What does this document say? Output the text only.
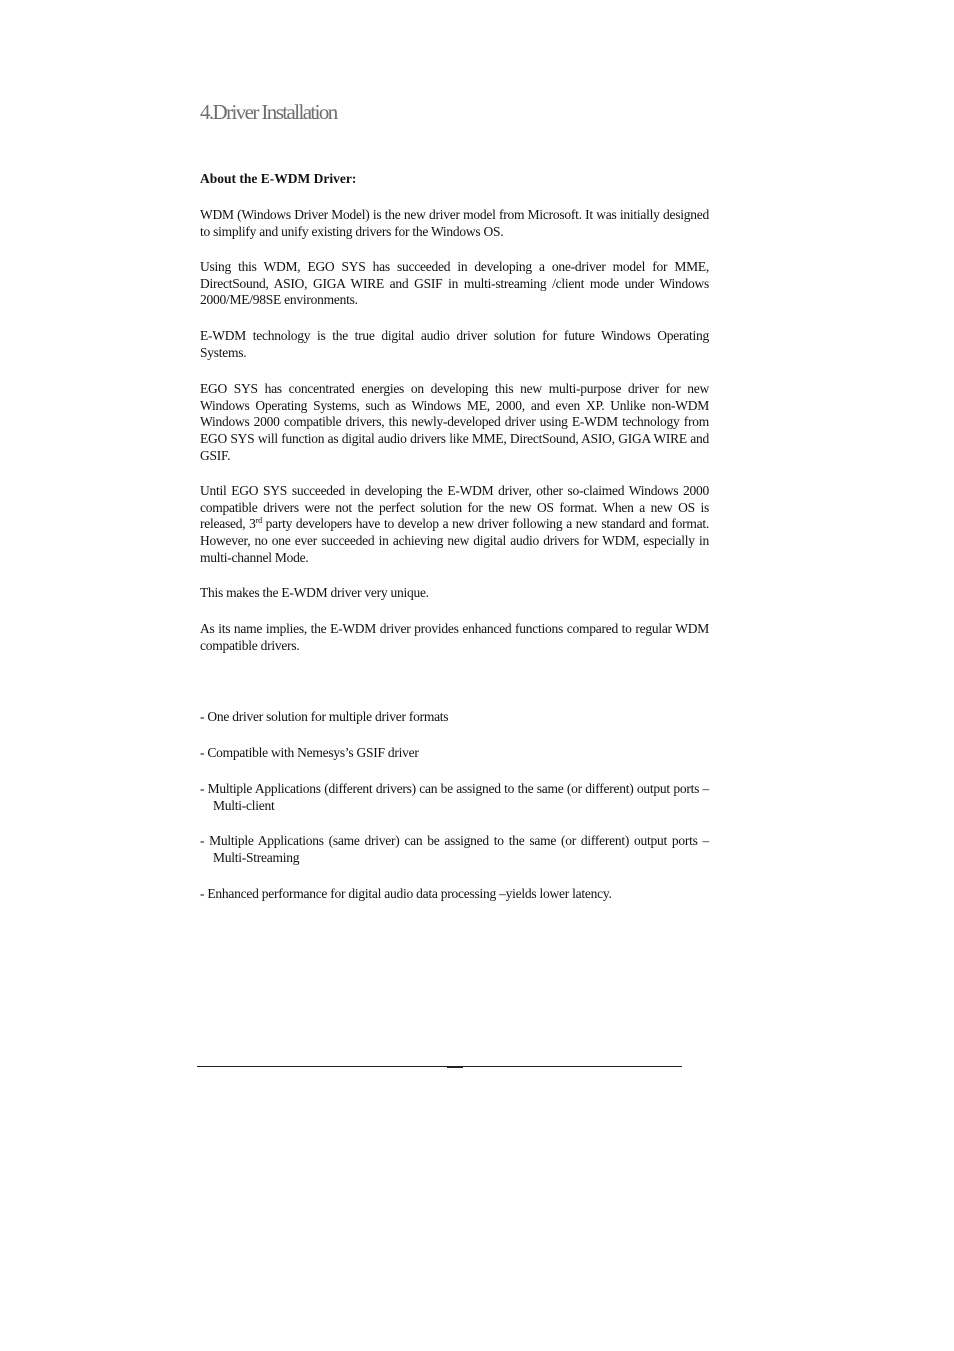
4.Driver Installation
About the E-WDM Driver:
WDM (Windows Driver Model) is the new driver model from Microsoft. It was initially designed to simplify and unify existing drivers for the Windows OS.
Using this WDM, EGO SYS has succeeded in developing a one-driver model for MME, DirectSound, ASIO, GIGA WIRE and GSIF in multi-streaming /client mode under Windows 2000/ME/98SE environments.
E-WDM technology is the true digital audio driver solution for future Windows Operating Systems.
EGO SYS has concentrated energies on developing this new multi-purpose driver for new Windows Operating Systems, such as Windows ME, 2000, and even XP. Unlike non-WDM Windows 2000 compatible drivers, this newly-developed driver using E-WDM technology from EGO SYS will function as digital audio drivers like MME, DirectSound, ASIO, GIGA WIRE and GSIF.
Until EGO SYS succeeded in developing the E-WDM driver, other so-claimed Windows 2000 compatible drivers were not the perfect solution for the new OS format. When a new OS is released, 3rd party developers have to develop a new driver following a new standard and format. However, no one ever succeeded in achieving new digital audio drivers for WDM, especially in multi-channel Mode.
This makes the E-WDM driver very unique.
As its name implies, the E-WDM driver provides enhanced functions compared to regular WDM compatible drivers.
- One driver solution for multiple driver formats
- Compatible with Nemesys’s GSIF driver
- Multiple Applications (different drivers) can be assigned to the same (or different) output ports – Multi-client
- Multiple Applications (same driver) can be assigned to the same (or different) output ports – Multi-Streaming
- Enhanced performance for digital audio data processing –yields lower latency.
